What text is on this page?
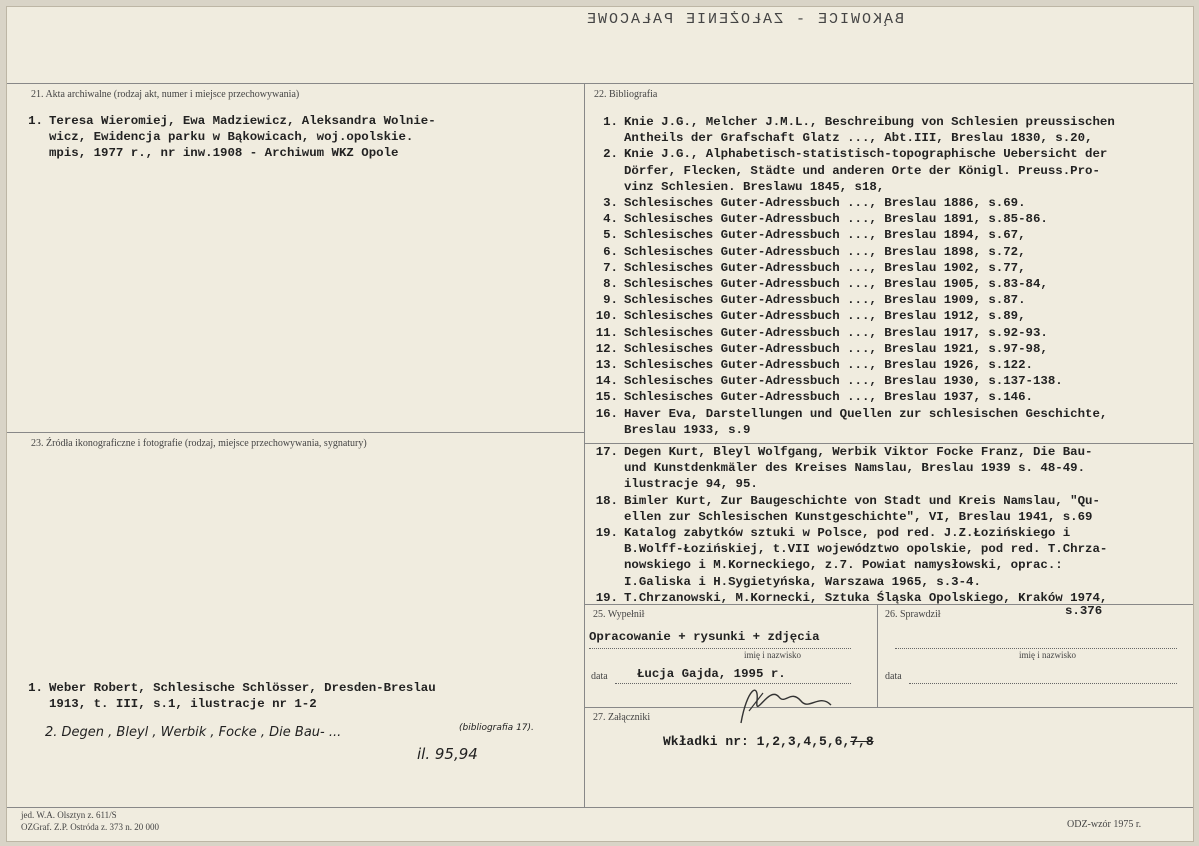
BĄKOWICE - ZAŁOŻENIE PAŁACOWE
21. Akta archiwalne (rodzaj akt, numer i miejsce przechowywania)
1. Teresa Wieromiej, Ewa Madziewicz, Aleksandra Wolnie-
wicz, Ewidencja parku w Bąkowicach, woj.opolskie.
mpis, 1977 r., nr inw.1908 - Archiwum WKZ Opole
22. Bibliografia
1. Knie J.G., Melcher J.M.L., Beschreibung von Schlesien preussischen
Antheils der Grafschaft Glatz ..., Abt.III, Breslau 1830, s.20,
2. Knie J.G., Alphabetisch-statistisch-topographische Uebersicht der
Dörfer, Flecken, Städte und anderen Orte der Königl. Preuss.Pro-
vinz Schlesien. Breslawu 1845, s18,
3. Schlesisches Guter-Adressbuch ..., Breslau 1886, s.69.
4. Schlesisches Guter-Adressbuch ..., Breslau 1891, s.85-86.
5. Schlesisches Guter-Adressbuch ..., Breslau 1894, s.67,
6. Schlesisches Guter-Adressbuch ..., Breslau 1898, s.72,
7. Schlesisches Guter-Adressbuch ..., Breslau 1902, s.77,
8. Schlesisches Guter-Adressbuch ..., Breslau 1905, s.83-84,
9. Schlesisches Guter-Adressbuch ..., Breslau 1909, s.87.
10. Schlesisches Guter-Adressbuch ..., Breslau 1912, s.89,
11. Schlesisches Guter-Adressbuch ..., Breslau 1917, s.92-93.
12. Schlesisches Guter-Adressbuch ..., Breslau 1921, s.97-98,
13. Schlesisches Guter-Adressbuch ..., Breslau 1926, s.122.
14. Schlesisches Guter-Adressbuch ..., Breslau 1930, s.137-138.
15. Schlesisches Guter-Adressbuch ..., Breslau 1937, s.146.
16. Haver Eva, Darstellungen und Quellen zur schlesischen Geschichte,
Breslau 1933, s.9
17. Degen Kurt, Bleyl Wolfgang, Werbik Viktor Focke Franz, Die Bau-
und Kunstdenkmäler des Kreises Namslau, Breslau 1939 s. 48-49.
ilustracje 94, 95.
18. Bimler Kurt, Zur Baugeschichte von Stadt und Kreis Namslau, "Qu-
ellen zur Schlesischen Kunstgeschichte", VI, Breslau 1941, s.69
19. Katalog zabytków sztuki w Polsce, pod red. J.Z.Łozińskiego i
B.Wolff-Łozińskiej, t.VII województwo opolskie, pod red. T.Chrza-
nowskiego i M.Korneckiego, z.7. Powiat namysłowski, oprac.:
I.Galiska i H.Sygietyńska, Warszawa 1965, s.3-4.
19. T.Chrzanowski, M.Kornecki, Sztuka Śląska Opolskiego, Kraków 1974,
23. Źródła ikonograficzne i fotografie (rodzaj, miejsce przechowywania, sygnatury)
1. Weber Robert, Schlesische Schlösser, Dresden-Breslau
1913, t. III, s.1, ilustracje nr 1-2
2. Degen , Bleyl , Werbik , Focke , Die Bau- ...	(bibliografia 17).
il. 95,94
25. Wypełnił
Opracowanie + rysunki + zdjęcia
imię i nazwisko
data Łucja Gajda, 1995 r.
26. Sprawdził	s.376
imię i nazwisko
data
27. Załączniki
Wkładki nr: 1,2,3,4,5,6,7,8
jed. W.A. Olsztyn z. 611/S
OZGraf. Z.P. Ostróda z. 373 n. 20 000	ODZ-wzór 1975 r.
